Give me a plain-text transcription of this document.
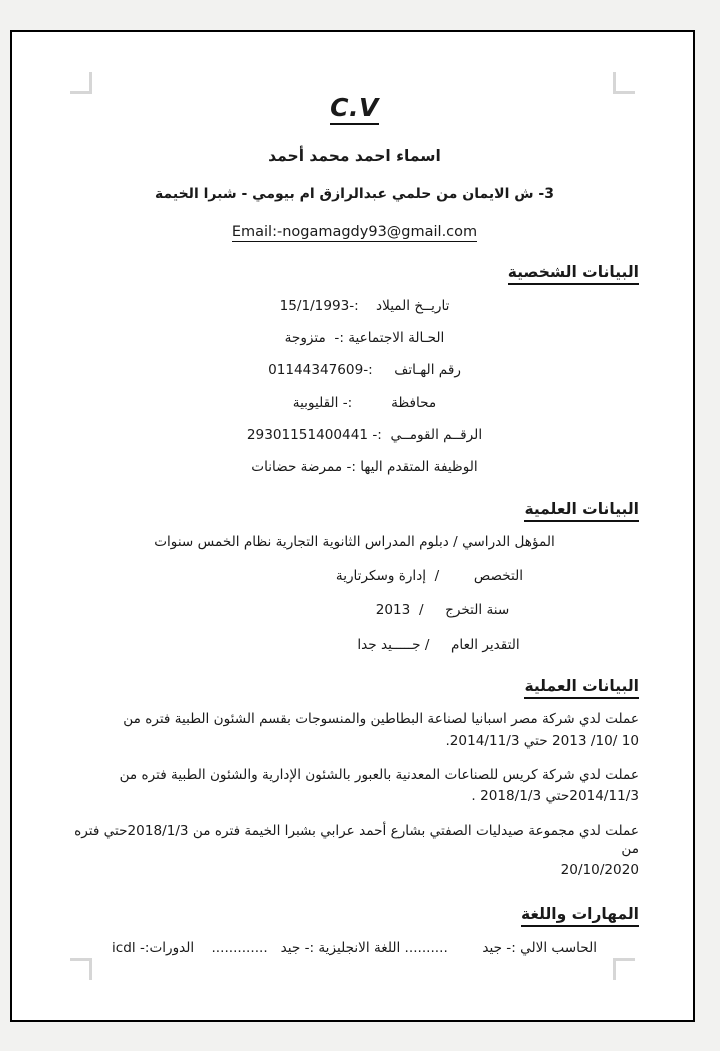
C.V
اسماء احمد محمد أحمد
3- ش الايمان من حلمي عبدالرازق ام بيومي - شبرا الخيمة
Email:-nogamagdy93@gmail.com
البيانات الشخصية
تاريــخ الميلاد    :-15/1/1993
الحـالة الاجتماعية :-  متزوجة
رقم الهـاتف     :-01144347609
محافظة         :- القليوبية
الرقــم القومــي  :- 29301151400441
الوظيفة المتقدم اليها :- ممرضة حضانات
البيانات العلمية
المؤهل الدراسي / دبلوم المدراس الثانوية التجارية نظام الخمس سنوات
التخصص        /  إدارة وسكرتارية
سنة التخرج     /  2013
التقدير العام     / جـــــيد جدا
البيانات العملية
عملت لدي شركة مصر اسبانيا لصناعة البطاطين والمنسوجات بقسم الشئون الطبية فتره من
10 /10/ 2013 حتي 2014/11/3.
عملت لدي شركة كريس للصناعات المعدنية بالعبور بالشئون الإدارية والشئون الطبية فتره من
2014/11/3حتي 2018/1/3 .
عملت لدي مجموعة صيدليات الصفتي بشارع أحمد عرابي بشبرا الخيمة فتره من 2018/1/3حتي فتره من
20/10/2020
المهارات واللغة
الحاسب الالي :- جيد        .......... اللغة الانجليزية :- جيد   .............    الدورات:- icdl
